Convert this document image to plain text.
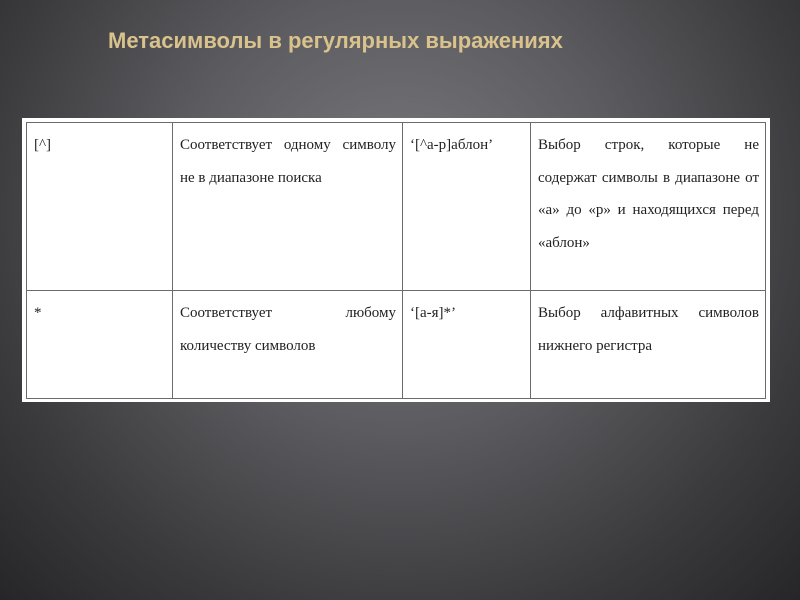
Метасимволы в регулярных выражениях
[^]	Соответствует одному символу не в диапазоне поиска	‘[^а-р]аблон’	Выбор строк, которые не содержат символы в диапазоне от «а» до «р» и находящихся перед «аблон»
*	Соответствует любому количеству символов	‘[а-я]*’	Выбор алфавитных символов нижнего регистра
